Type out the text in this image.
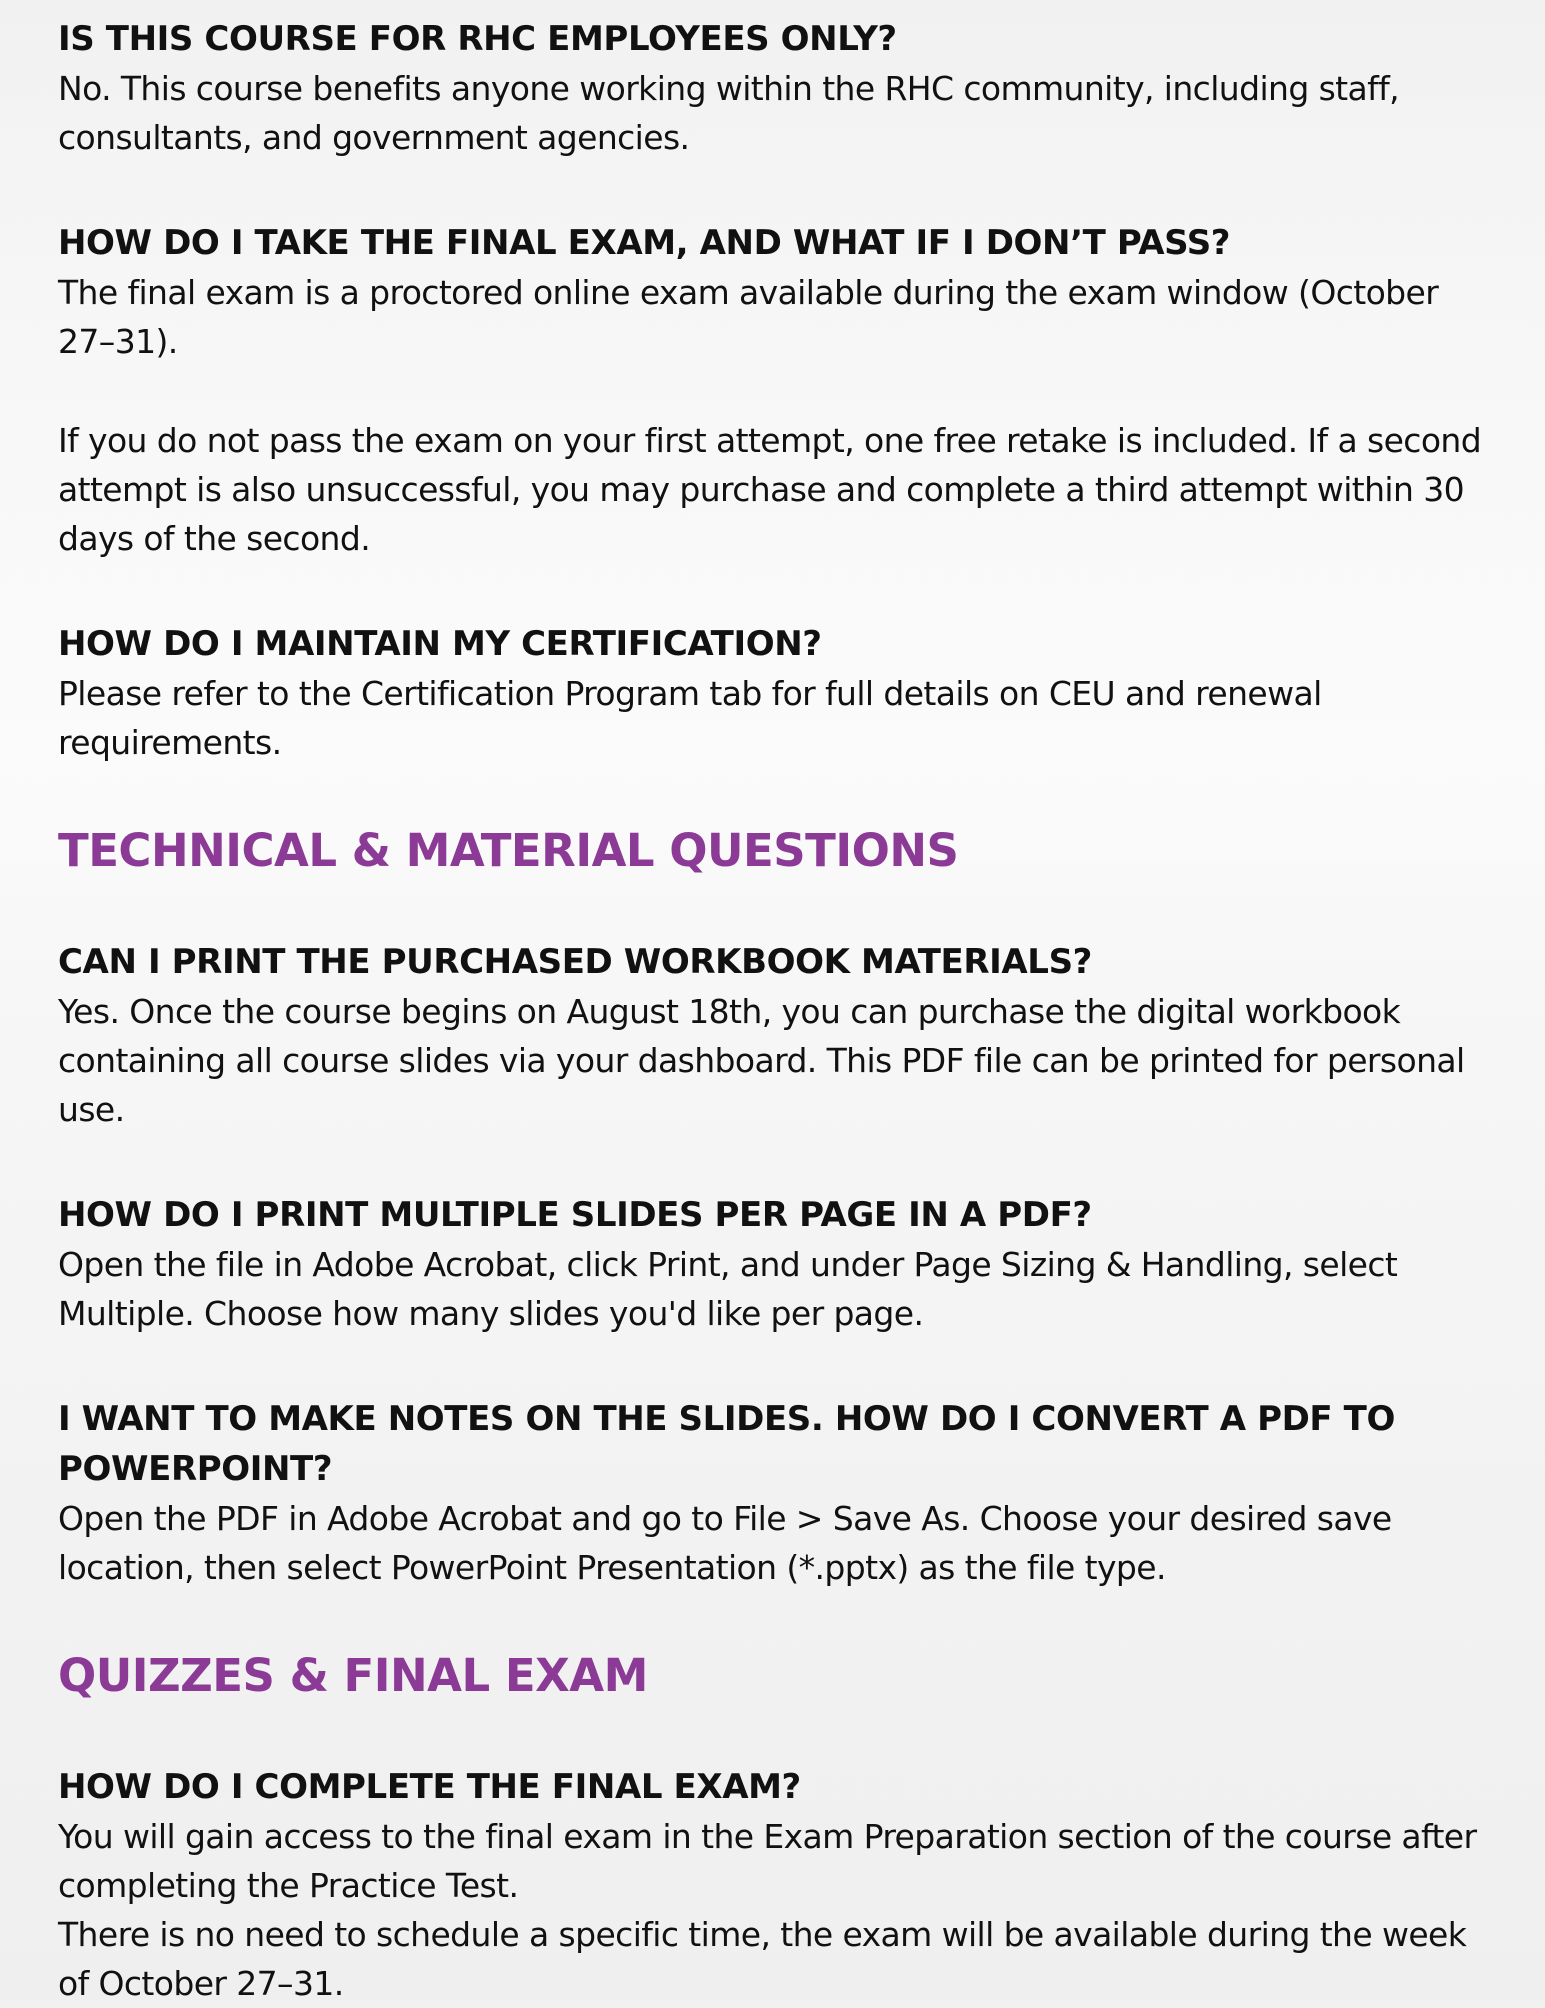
IS THIS COURSE FOR RHC EMPLOYEES ONLY?

No. This course benefits anyone working within the RHC community, including staff, consultants, and government agencies.

HOW DO I TAKE THE FINAL EXAM, AND WHAT IF I DON’T PASS?

The final exam is a proctored online exam available during the exam window (October 27–31).

If you do not pass the exam on your first attempt, one free retake is included. If a second attempt is also unsuccessful, you may purchase and complete a third attempt within 30 days of the second.

HOW DO I MAINTAIN MY CERTIFICATION?

Please refer to the Certification Program tab for full details on CEU and renewal requirements.

TECHNICAL & MATERIAL QUESTIONS
CAN I PRINT THE PURCHASED WORKBOOK MATERIALS?

Yes. Once the course begins on August 18th, you can purchase the digital workbook containing all course slides via your dashboard. This PDF file can be printed for personal use.

HOW DO I PRINT MULTIPLE SLIDES PER PAGE IN A PDF?

Open the file in Adobe Acrobat, click Print, and under Page Sizing & Handling, select Multiple. Choose how many slides you'd like per page.

I WANT TO MAKE NOTES ON THE SLIDES. HOW DO I CONVERT A PDF TO POWERPOINT?

Open the PDF in Adobe Acrobat and go to File > Save As. Choose your desired save location, then select PowerPoint Presentation (*.pptx) as the file type.

QUIZZES & FINAL EXAM
HOW DO I COMPLETE THE FINAL EXAM?

You will gain access to the final exam in the Exam Preparation section of the course after completing the Practice Test.

There is no need to schedule a specific time, the exam will be available during the week of October 27–31.
